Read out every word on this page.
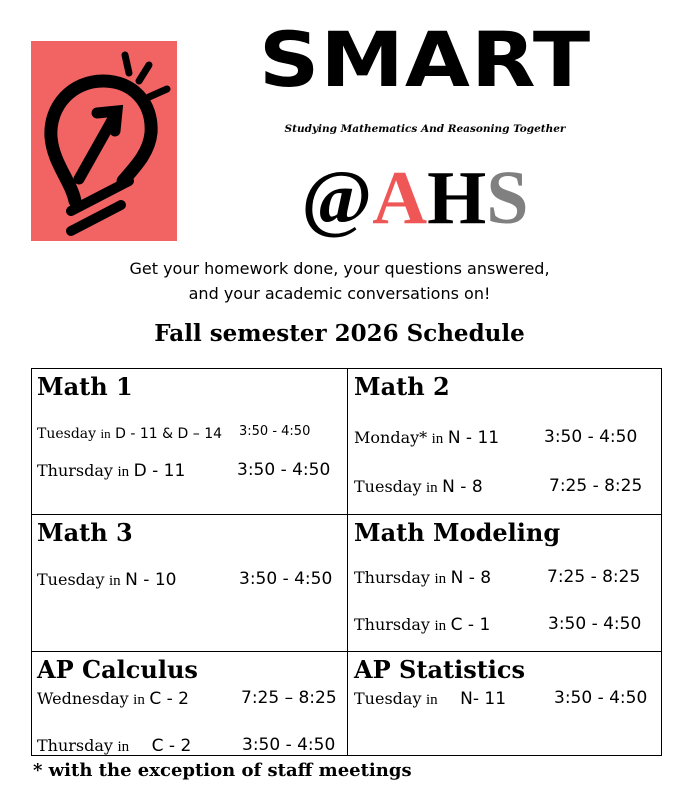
SMART
Studying Mathematics And Reasoning Together
@AHS
Get your homework done, your questions answered,
and your academic conversations on!
Fall semester 2026 Schedule
Math 1
Tuesday in D - 11 & D – 14 3:50 - 4:50
Thursday in D - 11	3:50 - 4:50
Math 2
Monday* in N - 11	3:50 - 4:50
Tuesday in N - 8	7:25 - 8:25
Math 3
Tuesday in N - 10	3:50 - 4:50
Math Modeling
Thursday in N - 8	7:25 - 8:25
Thursday in C - 1	3:50 - 4:50
AP Calculus
Wednesday in C - 2	7:25 – 8:25
Thursday in C - 2	3:50 - 4:50
AP Statistics
Tuesday in N- 11	3:50 - 4:50
* with the exception of staff meetings
